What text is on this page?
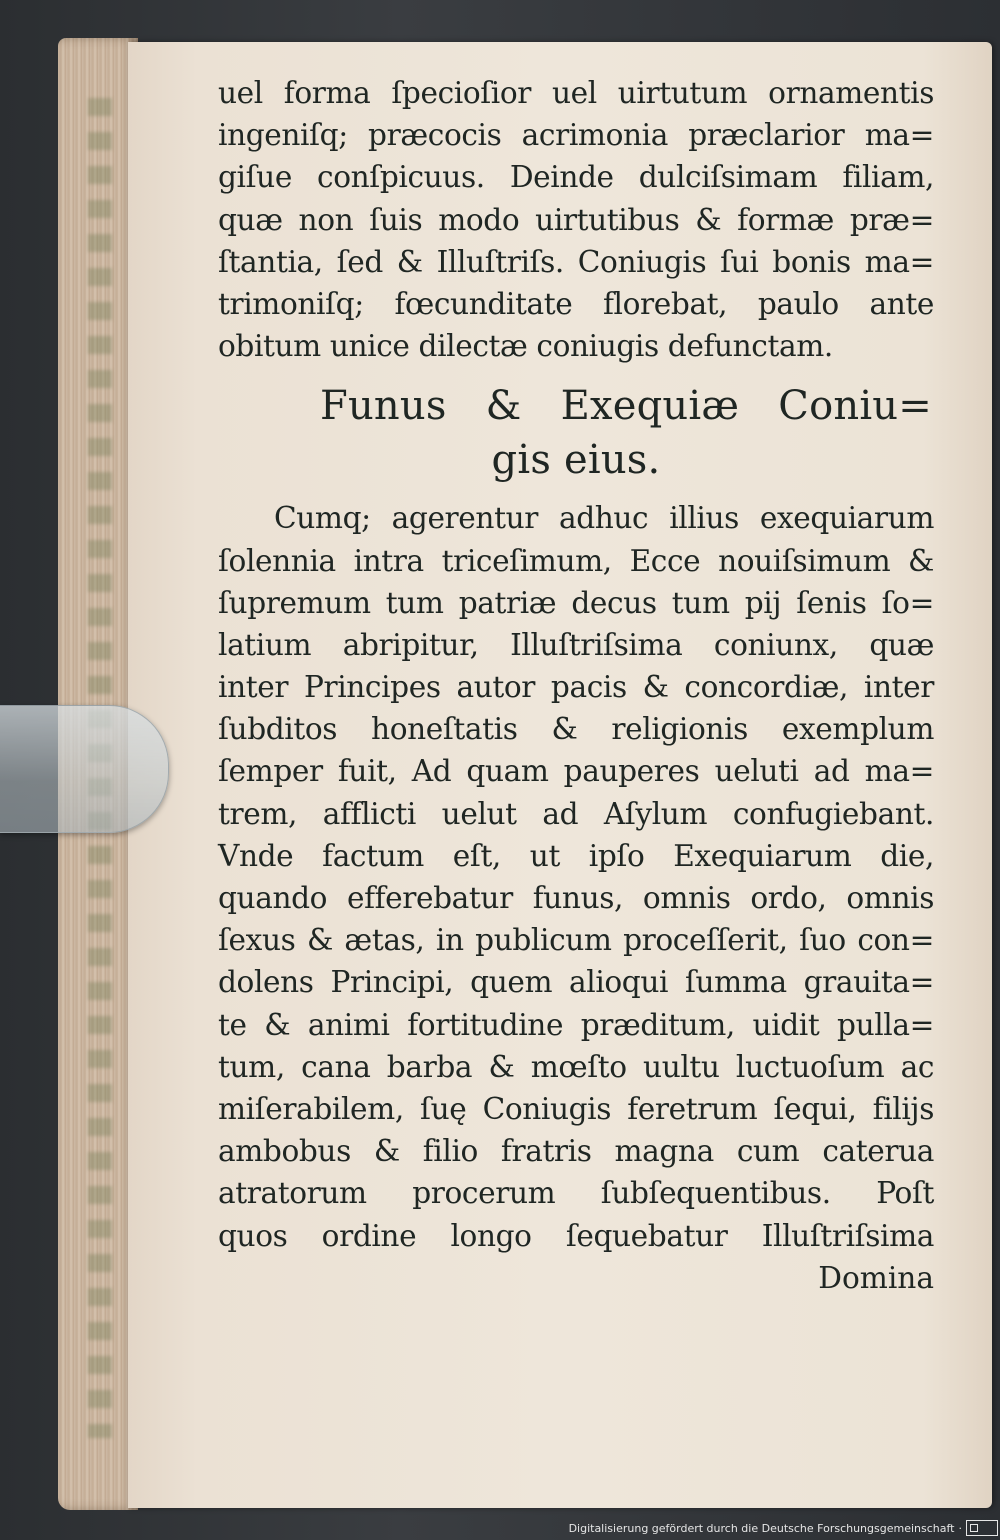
uel forma ſpecioſior uel uirtutum ornamentis
ingeniſq; præcocis acrimonia præclarior ma=
giſue conſpicuus. Deinde dulciſsimam filiam,
quæ non ſuis modo uirtutibus & formæ præ=
ſtantia, ſed & Illuſtriſs. Coniugis ſui bonis ma=
trimoniſq; fœcunditate florebat, paulo ante
obitum unice dilectæ coniugis defunctam.
Funus & Exequiæ Coniu=
gis eius.
Cumq; agerentur adhuc illius exequiarum
ſolennia intra triceſimum, Ecce nouiſsimum &
ſupremum tum patriæ decus tum pij ſenis ſo=
latium abripitur, Illuſtriſsima coniunx, quæ
inter Principes autor pacis & concordiæ, inter
ſubditos honeſtatis & religionis exemplum
ſemper fuit, Ad quam pauperes ueluti ad ma=
trem, afflicti uelut ad Aſylum confugiebant.
Vnde factum eſt, ut ipſo Exequiarum die,
quando efferebatur funus, omnis ordo, omnis
ſexus & ætas, in publicum proceſſerit, ſuo con=
dolens Principi, quem alioqui ſumma grauita=
te & animi fortitudine præditum, uidit pulla=
tum, cana barba & mœſto uultu luctuoſum ac
miſerabilem, ſuę Coniugis feretrum ſequi, filijs
ambobus & filio fratris magna cum caterua
atratorum procerum ſubſequentibus. Poſt
quos ordine longo ſequebatur Illuſtriſsima
Domina
Digitalisierung gefördert durch die Deutsche Forschungsgemeinschaft ·
